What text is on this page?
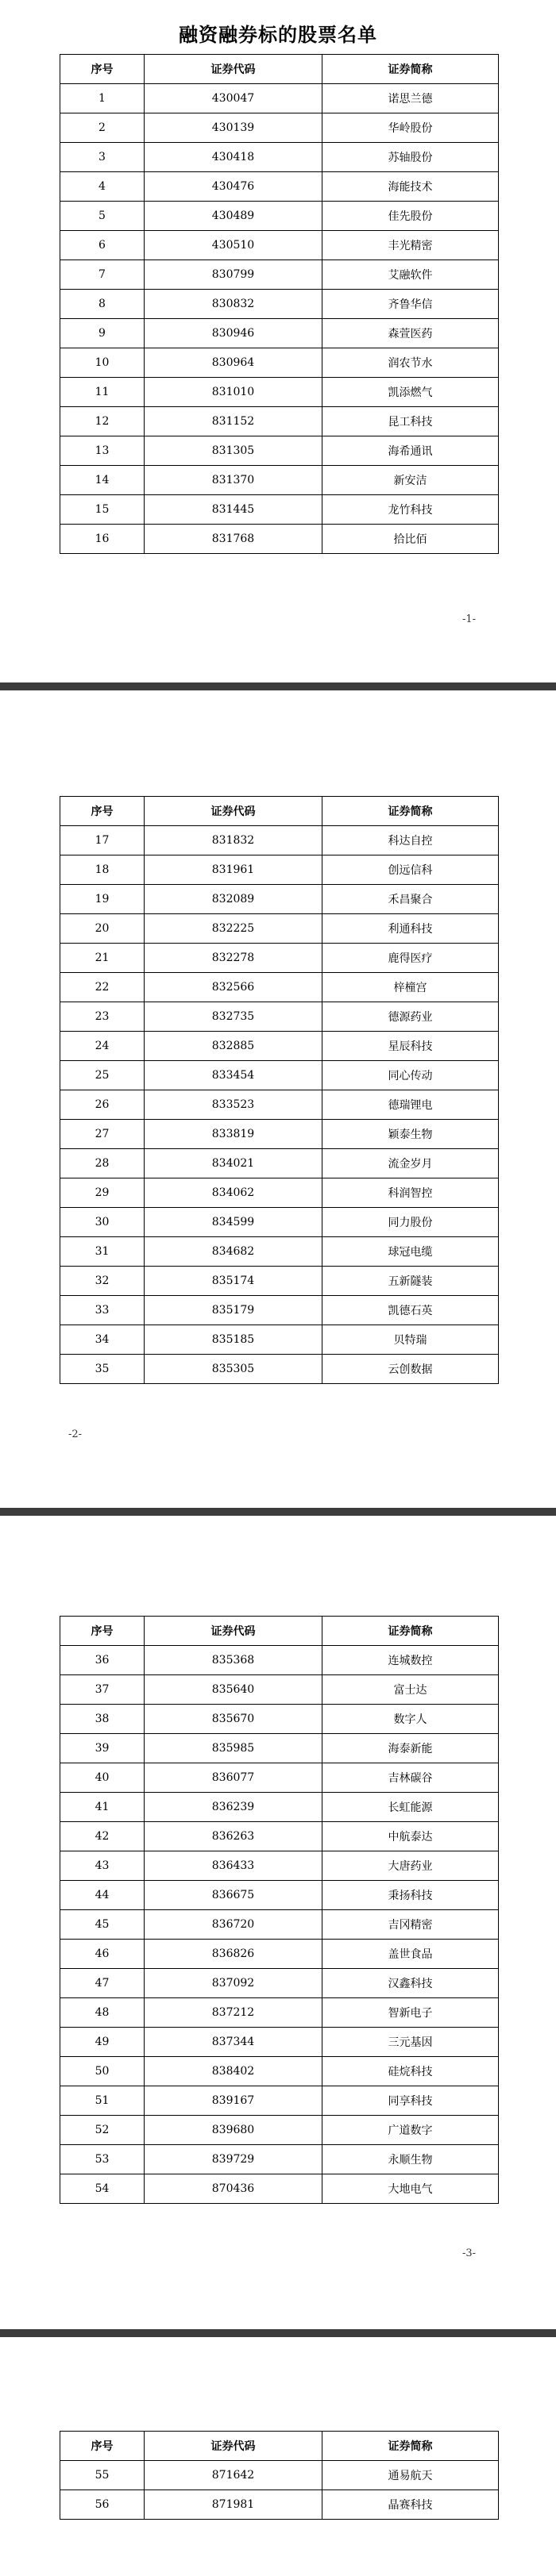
融资融券标的股票名单
序号	证券代码	证券简称
1	430047	诺思兰德
2	430139	华岭股份
3	430418	苏轴股份
4	430476	海能技术
5	430489	佳先股份
6	430510	丰光精密
7	830799	艾融软件
8	830832	齐鲁华信
9	830946	森萱医药
10	830964	润农节水
11	831010	凯添燃气
12	831152	昆工科技
13	831305	海希通讯
14	831370	新安洁
15	831445	龙竹科技
16	831768	拾比佰
-1-
序号	证券代码	证券简称
17	831832	科达自控
18	831961	创远信科
19	832089	禾昌聚合
20	832225	利通科技
21	832278	鹿得医疗
22	832566	梓橦宫
23	832735	德源药业
24	832885	星辰科技
25	833454	同心传动
26	833523	德瑞锂电
27	833819	颖泰生物
28	834021	流金岁月
29	834062	科润智控
30	834599	同力股份
31	834682	球冠电缆
32	835174	五新隧装
33	835179	凯德石英
34	835185	贝特瑞
35	835305	云创数据
-2-
序号	证券代码	证券简称
36	835368	连城数控
37	835640	富士达
38	835670	数字人
39	835985	海泰新能
40	836077	吉林碳谷
41	836239	长虹能源
42	836263	中航泰达
43	836433	大唐药业
44	836675	秉扬科技
45	836720	吉冈精密
46	836826	盖世食品
47	837092	汉鑫科技
48	837212	智新电子
49	837344	三元基因
50	838402	硅烷科技
51	839167	同享科技
52	839680	广道数字
53	839729	永顺生物
54	870436	大地电气
-3-
序号	证券代码	证券简称
55	871642	通易航天
56	871981	晶赛科技
